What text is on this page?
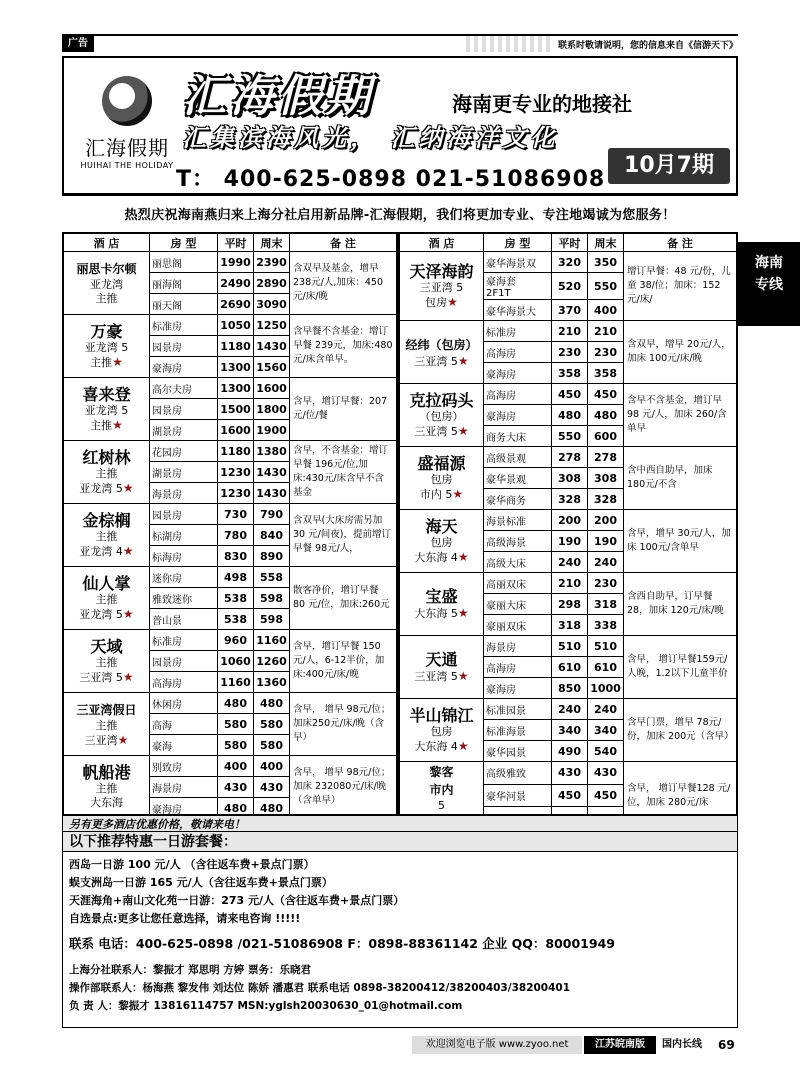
广告	联系时敬请说明，您的信息来自《信游天下》
汇海假期
HUIHAI THE HOLIDAY
汇海假期	海南更专业的地接社
汇集滨海风光， 汇纳海洋文化
T： 400-625-0898 021-51086908
10月7期
热烈庆祝海南燕归来上海分社启用新品牌-汇海假期，我们将更加专业、专注地竭诚为您服务！
海南专线
酒 店	房 型	平时	周末	备 注

丽思卡尔顿
亚龙湾
主推	丽思阁	1990	2390	含双早及基金，增早238元/人,加床：450元/床/晚
	丽海阁	2490	2890	
	丽天阁	2690	3090	

万豪
亚龙湾 5
主推★	标准房	1050	1250	含早餐不含基金：增订早餐 239元，加床:480元/床含单早。
	园景房	1180	1430	
	豪海房	1300	1560	

喜来登
亚龙湾 5
主推★	高尔夫房	1300	1600	含早，增订早餐：207元/位/餐
	园景房	1500	1800	
	湖景房	1600	1900	

红树林
主推
亚龙湾 5★	花园房	1180	1380	含早，不含基金：增订早餐 196元/位,加床:430元/床含早不含基金
	湖景房	1230	1430	
	海景房	1230	1430	

金棕榈
主推
亚龙湾 4★	园景房	730	790	含双早(大床房需另加 30 元/间夜)，提前增订早餐 98元/人，
	标湖房	780	840	
	标海房	830	890	

仙人掌
主推
亚龙湾 5★	迷你房	498	558	散客净价，增订早餐 80 元/位，加床:260元
	雅致迷你	538	598	
	普山景	538	598	

天域
主推
三亚湾 5★	标准房	960	1160	含早，增订早餐 150元/人，6-12半价，加床:400元/床/晚
	园景房	1060	1260	
	高海房	1160	1360	

三亚湾假日
主推
三亚湾★	休闲房	480	480	含早， 增早 98元/位； 加床250元/床/晚（含早）
	高海	580	580	
	豪海	580	580	

帆船港
主推
大东海	别致房	400	400	含早， 增早 98元/位； 加床 232080元/床/晚（含单早）
	海景房	430	430	
	豪海房	480	480	
酒 店	房 型	平时	周末	备 注

天泽海韵
三亚湾 5
包房★	豪华海景双	320	350	增订早餐：48 元/份，儿童 38/位；加床：152 元/床/
	豪海套
2F1T	520	550	
	豪华海景大	370	400	

经纬（包房）
三亚湾 5★	标准房	210	210	含双早，增早 20元/人，加床 100元/床/晚
	高海房	230	230	
	豪海房	358	358	

克拉码头
（包房）
三亚湾 5★	高海房	450	450	含早不含基金，增订早 98 元/人，加床 260/含单早
	豪海房	480	480	
	商务大床	550	600	

盛福源
包房
市内 5★	高级景观	278	278	含中西自助早，加床 180元/不含
	豪华景观	308	308	
	豪华商务	328	328	

海天
包房
大东海 4★	海景标准	200	200	含早，增早 30元/人，加床 100元/含单早
	高级海景	190	190	
	高级大床	240	240	

宝盛
大东海 5★	高丽双床	210	230	含西自助早，订早餐 28，加床 120元/床/晚
	豪丽大床	298	318	
	豪丽双床	318	338	

天通
三亚湾 5★	海景房	510	510	含早， 增订早餐159元/人晚，1.2以下儿童半价
	高海房	610	610	
	豪海房	850	1000	

半山锦江
包房
大东海 4★	标准园景	240	240	含早门票，增早 78元/份，加床 200元（含早）
	标准海景	340	340	
	豪华园景	490	540	

黎客
市内
5	高级雅致	430	430	含早， 增订早餐128 元/位，加床 280元/床
	豪华河景	450	450	

另有更多酒店优惠价格，敬请来电！
以下推荐特惠一日游套餐：
西岛一日游 100 元/人 （含往返车费+景点门票）
蜈支洲岛一日游 165 元/人（含往返车费+景点门票）
天涯海角+南山文化苑一日游：273 元/人（含往返车费+景点门票）
自选景点:更多让您任意选择，请来电咨询 !!!!!
联系 电话：400-625-0898 /021-51086908 F：0898-88361142 企业 QQ：80001949
上海分社联系人：黎振才 郑思明 方婷 票务：乐晓君
操作部联系人：杨海燕 黎发伟 刘达位 陈娇 潘惠君 联系电话 0898-38200412/38200403/38200401
负 责 人：黎振才 13816114757 MSN:yglsh20030630_01@hotmail.com
欢迎浏览电子版 www.zyoo.net	江苏皖南版	国内长线 69
